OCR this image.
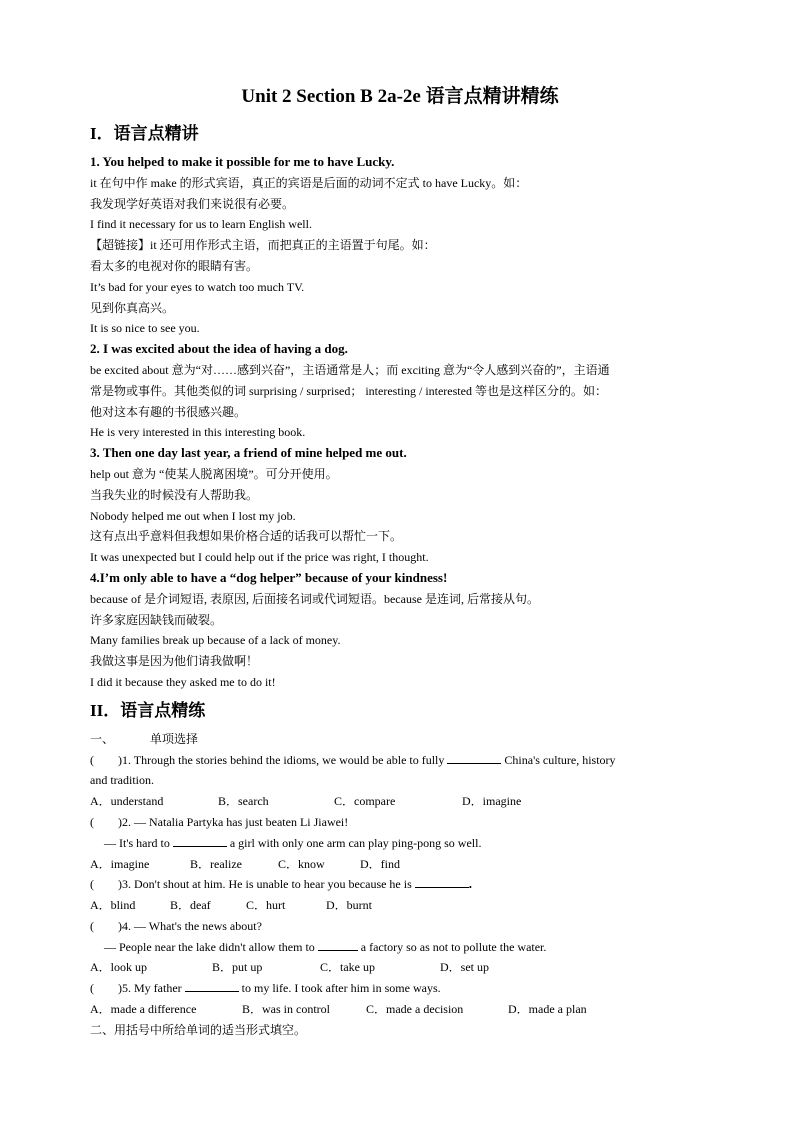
Unit 2 Section B 2a-2e 语言点精讲精练
I．语言点精讲
1. You helped to make it possible for me to have Lucky.
it 在句中作 make 的形式宾语，真正的宾语是后面的动词不定式 to have Lucky。如：
我发现学好英语对我们来说很有必要。
I find it necessary for us to learn English well.
【超链接】it 还可用作形式主语，而把真正的主语置于句尾。如：
看太多的电视对你的眼睛有害。
It’s bad for your eyes to watch too much TV.
见到你真高兴。
It is so nice to see you.
2. I was excited about the idea of having a dog.
be excited about 意为“对……感到兴奋”，主语通常是人；而 exciting 意为“令人感到兴奋的”，主语通
常是物或事件。其他类似的词 surprising / surprised； interesting / interested 等也是这样区分的。如：
他对这本有趣的书很感兴趣。
He is very interested in this interesting book.
3. Then one day last year, a friend of mine helped me out.
help out 意为 “使某人脱离困境”。可分开使用。
当我失业的时候没有人帮助我。
Nobody helped me out when I lost my job.
这有点出乎意料但我想如果价格合适的话我可以帮忙一下。
It was unexpected but I could help out if the price was right, I thought.
4.I’m only able to have a “dog helper” because of your kindness!
because of 是介词短语, 表原因, 后面接名词或代词短语。because 是连词, 后常接从句。
许多家庭因缺钱而破裂。
Many families break up because of a lack of money.
我做这事是因为他们请我做啊！
I did it because they asked me to do it!
II．语言点精练
一、	单项选择
(　　)1. Through the stories behind the idioms, we would be able to fully	China's culture, history
and tradition.
A．understand	B．search	C．compare	D．imagine
(　　)2. — Natalia Partyka has just beaten Li Jiawei!
— It's hard to	a girl with only one arm can play ping-pong so well.
A．imagine	B．realize	C．know	D．find
(　　)3. Don't shout at him. He is unable to hear you because he is	.
A．blind	B．deaf	C．hurt	D．burnt
(　　)4. — What's the news about?
— People near the lake didn't allow them to	a factory so as not to pollute the water.
A．look up	B．put up	C．take up	D．set up
(　　)5. My father	to my life. I took after him in some ways.
A．made a difference	B．was in control	C．made a decision	D．made a plan
二、用括号中所给单词的适当形式填空。
